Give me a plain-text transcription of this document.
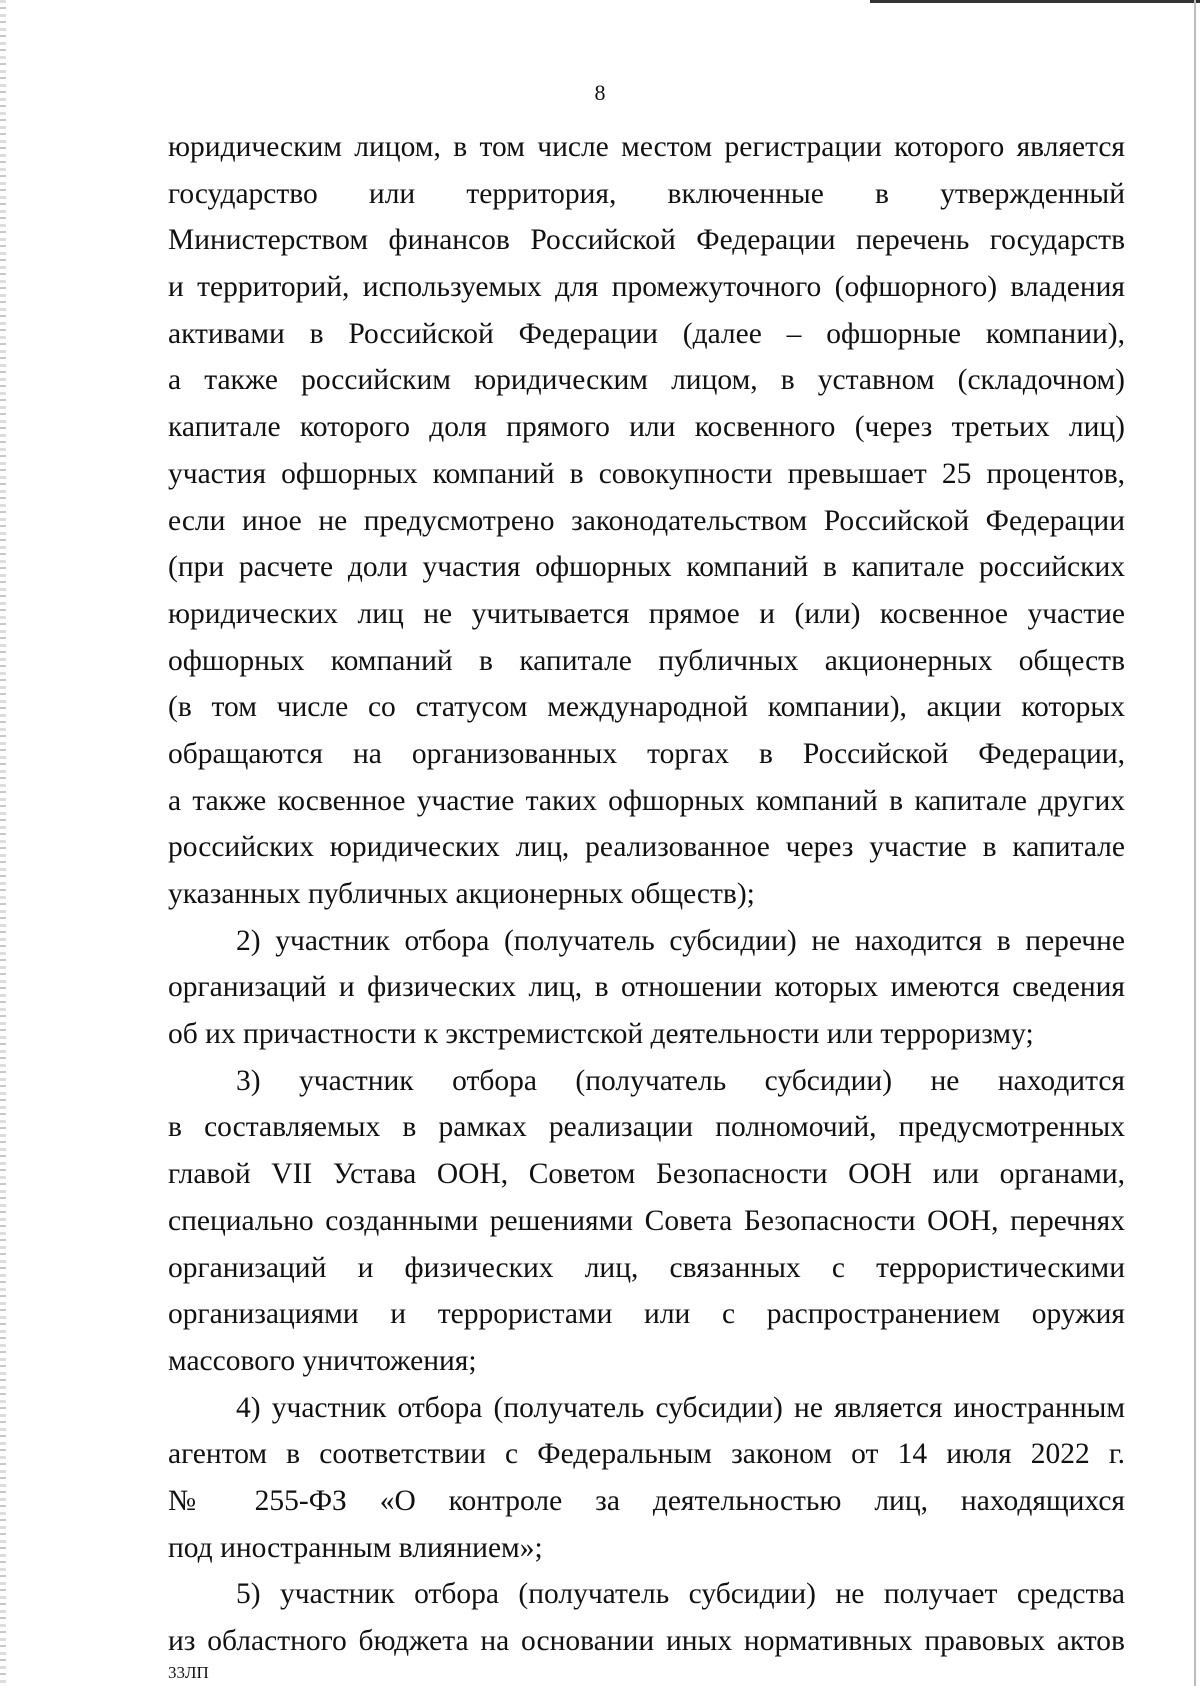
8
юридическим лицом, в том числе местом регистрации которого является
государство или территория, включенные в утвержденный
Министерством финансов Российской Федерации перечень государств
и территорий, используемых для промежуточного (офшорного) владения
активами в Российской Федерации (далее – офшорные компании),
а также российским юридическим лицом, в уставном (складочном)
капитале которого доля прямого или косвенного (через третьих лиц)
участия офшорных компаний в совокупности превышает 25 процентов,
если иное не предусмотрено законодательством Российской Федерации
(при расчете доли участия офшорных компаний в капитале российских
юридических лиц не учитывается прямое и (или) косвенное участие
офшорных компаний в капитале публичных акционерных обществ
(в том числе со статусом международной компании), акции которых
обращаются на организованных торгах в Российской Федерации,
а также косвенное участие таких офшорных компаний в капитале других
российских юридических лиц, реализованное через участие в капитале
указанных публичных акционерных обществ);
2) участник отбора (получатель субсидии) не находится в перечне
организаций и физических лиц, в отношении которых имеются сведения
об их причастности к экстремистской деятельности или терроризму;
3) участник отбора (получатель субсидии) не находится
в составляемых в рамках реализации полномочий, предусмотренных
главой VII Устава ООН, Советом Безопасности ООН или органами,
специально созданными решениями Совета Безопасности ООН, перечнях
организаций и физических лиц, связанных с террористическими
организациями и террористами или с распространением оружия
массового уничтожения;
4) участник отбора (получатель субсидии) не является иностранным
агентом в соответствии с Федеральным законом от 14 июля 2022 г.
№ 255-ФЗ «О контроле за деятельностью лиц, находящихся
под иностранным влиянием»;
5) участник отбора (получатель субсидии) не получает средства
из областного бюджета на основании иных нормативных правовых актов
33ЛП
